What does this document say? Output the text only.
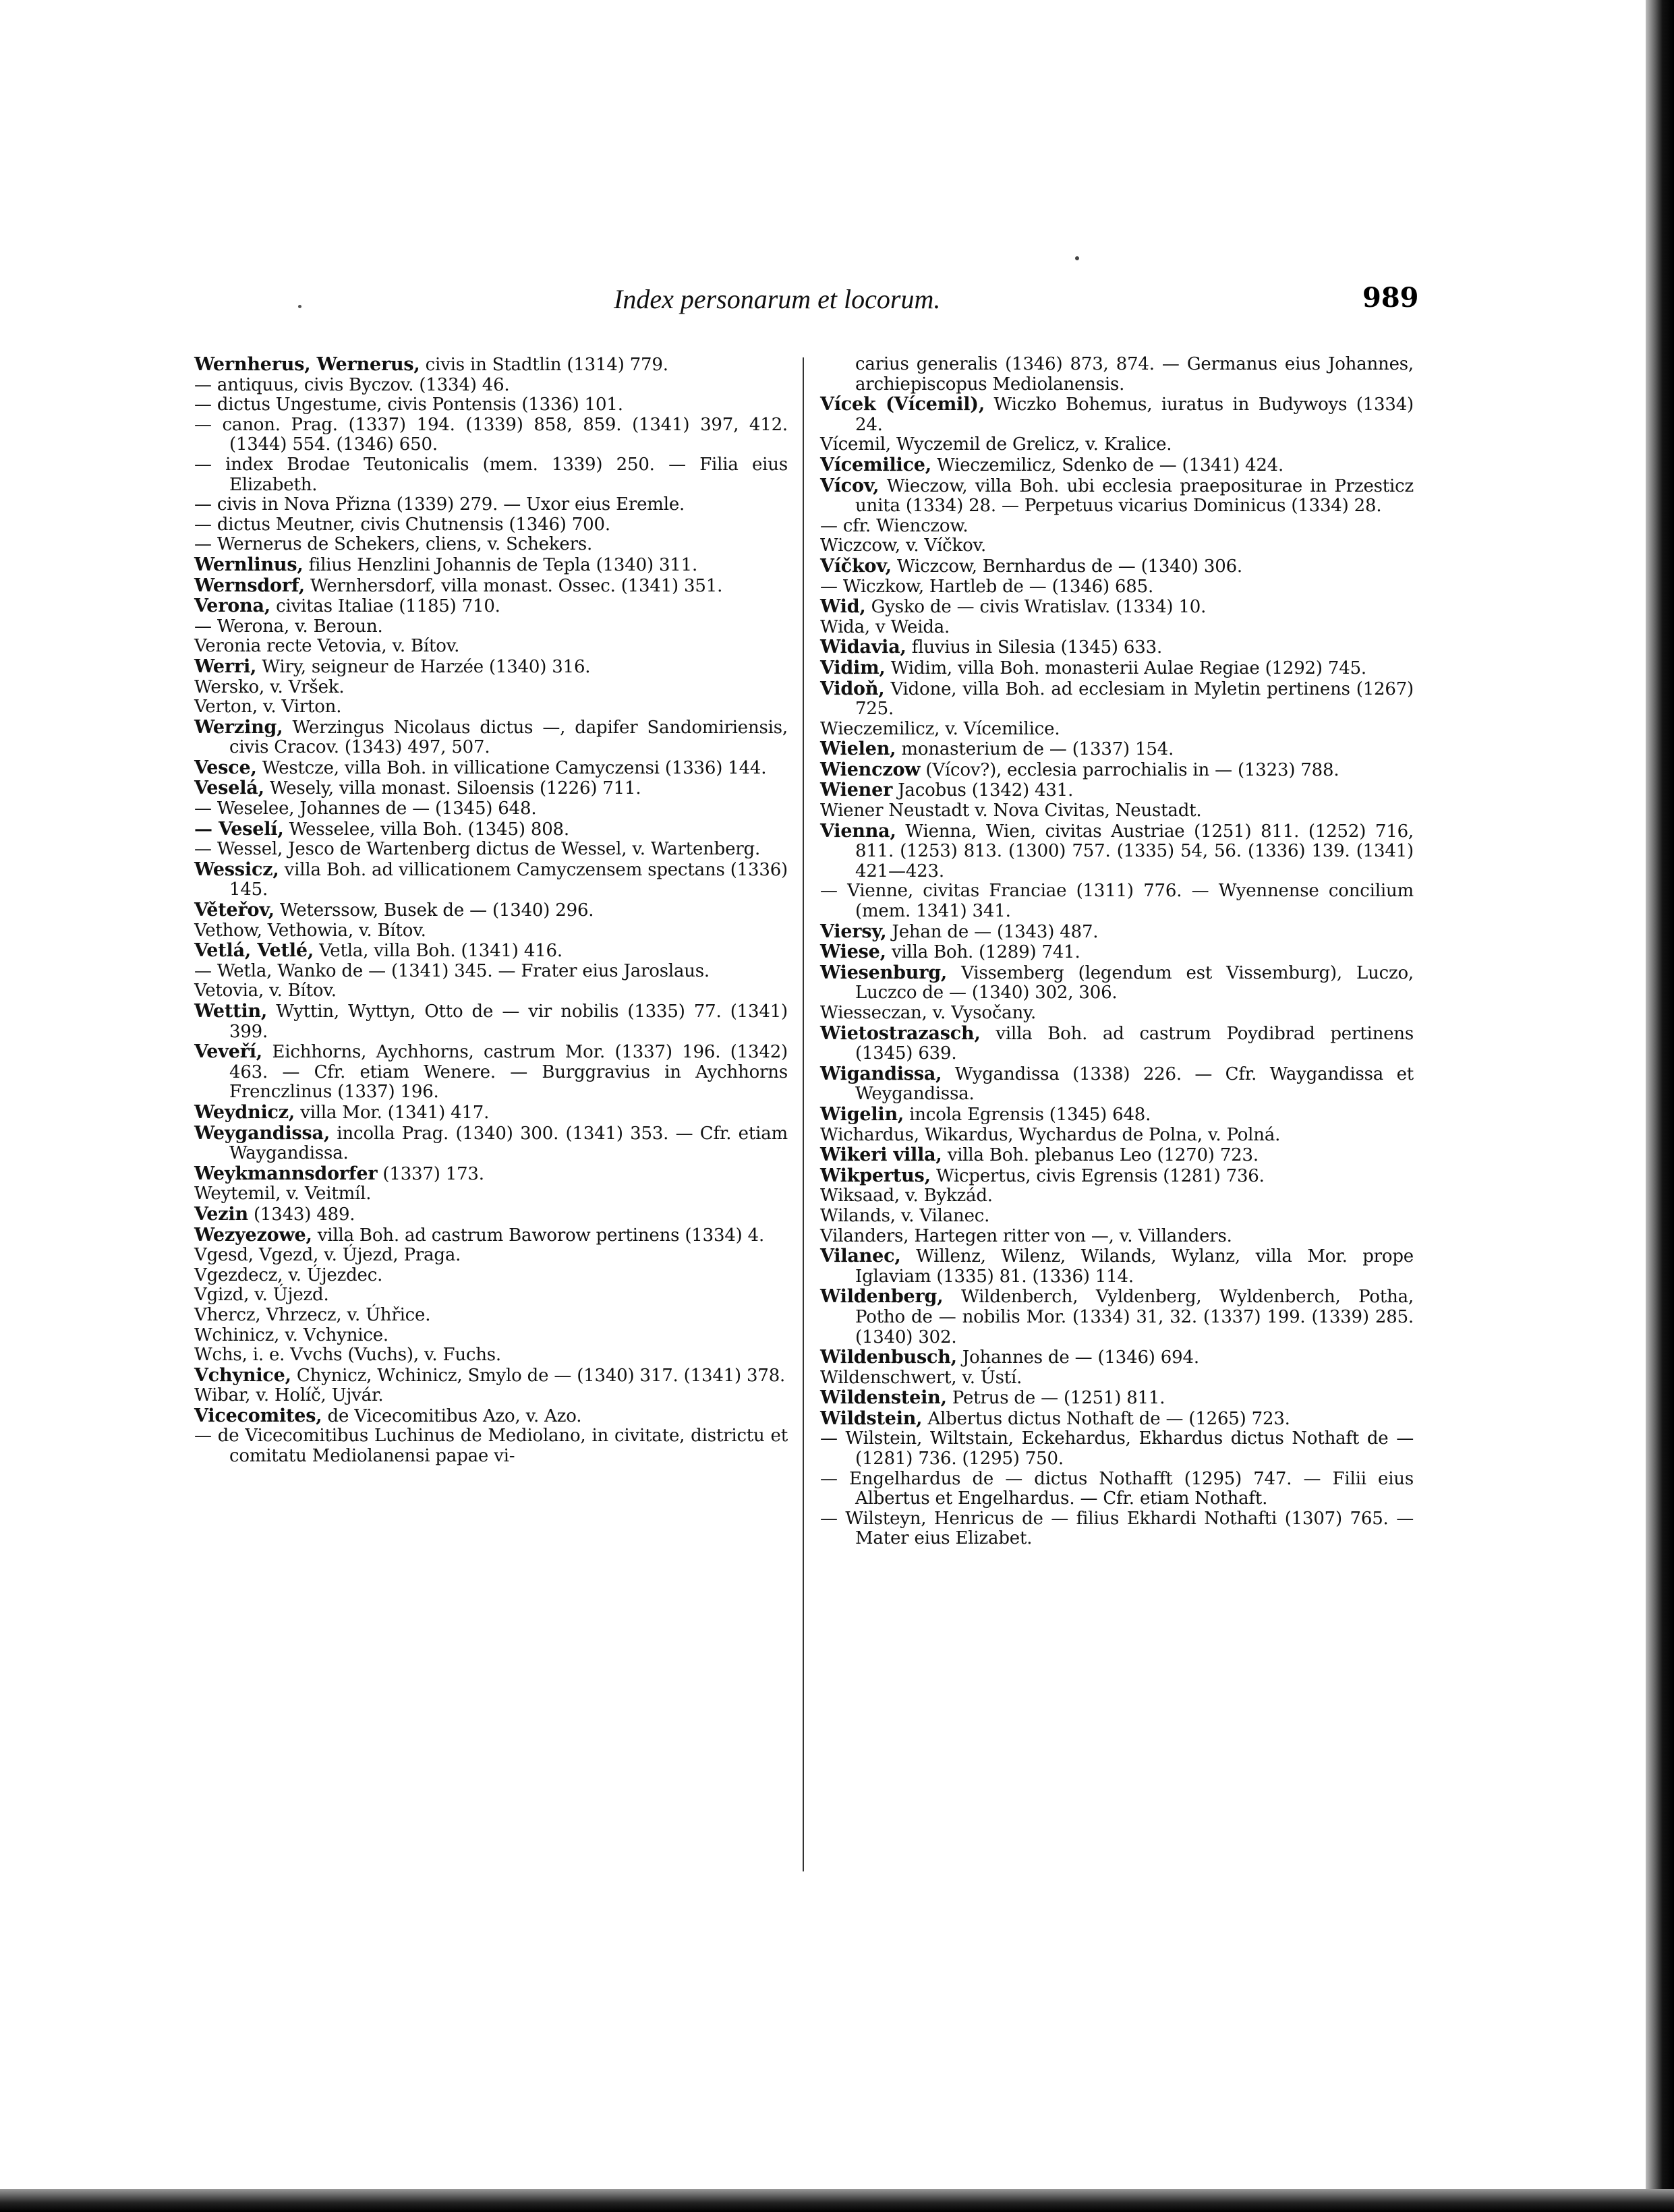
Index personarum et locorum.	989
Wernherus, Wernerus, civis in Stadtlin (1314) 779.
— antiquus, civis Byczov. (1334) 46.
— dictus Ungestume, civis Pontensis (1336) 101.
— canon. Prag. (1337) 194. (1339) 858, 859. (1341) 397, 412. (1344) 554. (1346) 650.
— index Brodae Teutonicalis (mem. 1339) 250. — Filia eius Elizabeth.
— civis in Nova Přizna (1339) 279. — Uxor eius Eremle.
— dictus Meutner, civis Chutnensis (1346) 700.
— Wernerus de Schekers, cliens, v. Schekers.
Wernlinus, filius Henzlini Johannis de Tepla (1340) 311.
Wernsdorf, Wernhersdorf, villa monast. Ossec. (1341) 351.
Verona, civitas Italiae (1185) 710.
— Werona, v. Beroun.
Veronia recte Vetovia, v. Bítov.
Werri, Wiry, seigneur de Harzée (1340) 316.
Wersko, v. Vršek.
Verton, v. Virton.
Werzing, Werzingus Nicolaus dictus —, dapifer Sandomiriensis, civis Cracov. (1343) 497, 507.
Vesce, Westcze, villa Boh. in villicatione Camyczensi (1336) 144.
Veselá, Wesely, villa monast. Siloensis (1226) 711.
— Weselee, Johannes de — (1345) 648.
— Veselí, Wesselee, villa Boh. (1345) 808.
— Wessel, Jesco de Wartenberg dictus de Wessel, v. Wartenberg.
Wessicz, villa Boh. ad villicationem Camyczensem spectans (1336) 145.
Věteřov, Weterssow, Busek de — (1340) 296.
Vethow, Vethowia, v. Bítov.
Vetlá, Vetlé, Vetla, villa Boh. (1341) 416.
— Wetla, Wanko de — (1341) 345. — Frater eius Jaroslaus.
Vetovia, v. Bítov.
Wettin, Wyttin, Wyttyn, Otto de — vir nobilis (1335) 77. (1341) 399.
Veveří, Eichhorns, Aychhorns, castrum Mor. (1337) 196. (1342) 463. — Cfr. etiam Wenere. — Burggravius in Aychhorns Frenczlinus (1337) 196.
Weydnicz, villa Mor. (1341) 417.
Weygandissa, incolla Prag. (1340) 300. (1341) 353. — Cfr. etiam Waygandissa.
Weykmannsdorfer (1337) 173.
Weytemil, v. Veitmíl.
Vezin (1343) 489.
Wezyezowe, villa Boh. ad castrum Baworow pertinens (1334) 4.
Vgesd, Vgezd, v. Újezd, Praga.
Vgezdecz, v. Újezdec.
Vgizd, v. Újezd.
Vhercz, Vhrzecz, v. Úhřice.
Wchinicz, v. Vchynice.
Wchs, i. e. Vvchs (Vuchs), v. Fuchs.
Vchynice, Chynicz, Wchinicz, Smylo de — (1340) 317. (1341) 378.
Wibar, v. Holíč, Ujvár.
Vicecomites, de Vicecomitibus Azo, v. Azo.
— de Vicecomitibus Luchinus de Mediolano, in civitate, districtu et comitatu Mediolanensi papae vi-
carius generalis (1346) 873, 874. — Germanus eius Johannes, archiepiscopus Mediolanensis.
Vícek (Vícemil), Wiczko Bohemus, iuratus in Budywoys (1334) 24.
Vícemil, Wyczemil de Grelicz, v. Kralice.
Vícemilice, Wieczemilicz, Sdenko de — (1341) 424.
Vícov, Wieczow, villa Boh. ubi ecclesia praepositurae in Przesticz unita (1334) 28. — Perpetuus vicarius Dominicus (1334) 28.
— cfr. Wienczow.
Wiczcow, v. Víčkov.
Víčkov, Wiczcow, Bernhardus de — (1340) 306.
— Wiczkow, Hartleb de — (1346) 685.
Wid, Gysko de — civis Wratislav. (1334) 10.
Wida, v Weida.
Widavia, fluvius in Silesia (1345) 633.
Vidim, Widim, villa Boh. monasterii Aulae Regiae (1292) 745.
Vidoň, Vidone, villa Boh. ad ecclesiam in Myletin pertinens (1267) 725.
Wieczemilicz, v. Vícemilice.
Wielen, monasterium de — (1337) 154.
Wienczow (Vícov?), ecclesia parrochialis in — (1323) 788.
Wiener Jacobus (1342) 431.
Wiener Neustadt v. Nova Civitas, Neustadt.
Vienna, Wienna, Wien, civitas Austriae (1251) 811. (1252) 716, 811. (1253) 813. (1300) 757. (1335) 54, 56. (1336) 139. (1341) 421—423.
— Vienne, civitas Franciae (1311) 776. — Wyennense concilium (mem. 1341) 341.
Viersy, Jehan de — (1343) 487.
Wiese, villa Boh. (1289) 741.
Wiesenburg, Vissemberg (legendum est Vissemburg), Luczo, Luczco de — (1340) 302, 306.
Wiesseczan, v. Vysočany.
Wietostrazasch, villa Boh. ad castrum Poydibrad pertinens (1345) 639.
Wigandissa, Wygandissa (1338) 226. — Cfr. Waygandissa et Weygandissa.
Wigelin, incola Egrensis (1345) 648.
Wichardus, Wikardus, Wychardus de Polna, v. Polná.
Wikeri villa, villa Boh. plebanus Leo (1270) 723.
Wikpertus, Wicpertus, civis Egrensis (1281) 736.
Wiksaad, v. Bykzád.
Wilands, v. Vilanec.
Vilanders, Hartegen ritter von —, v. Villanders.
Vilanec, Willenz, Wilenz, Wilands, Wylanz, villa Mor. prope Iglaviam (1335) 81. (1336) 114.
Wildenberg, Wildenberch, Vyldenberg, Wyldenberch, Potha, Potho de — nobilis Mor. (1334) 31, 32. (1337) 199. (1339) 285. (1340) 302.
Wildenbusch, Johannes de — (1346) 694.
Wildenschwert, v. Ústí.
Wildenstein, Petrus de — (1251) 811.
Wildstein, Albertus dictus Nothaft de — (1265) 723.
— Wilstein, Wiltstain, Eckehardus, Ekhardus dictus Nothaft de — (1281) 736. (1295) 750.
— Engelhardus de — dictus Nothafft (1295) 747. — Filii eius Albertus et Engelhardus. — Cfr. etiam Nothaft.
— Wilsteyn, Henricus de — filius Ekhardi Nothafti (1307) 765. — Mater eius Elizabet.
